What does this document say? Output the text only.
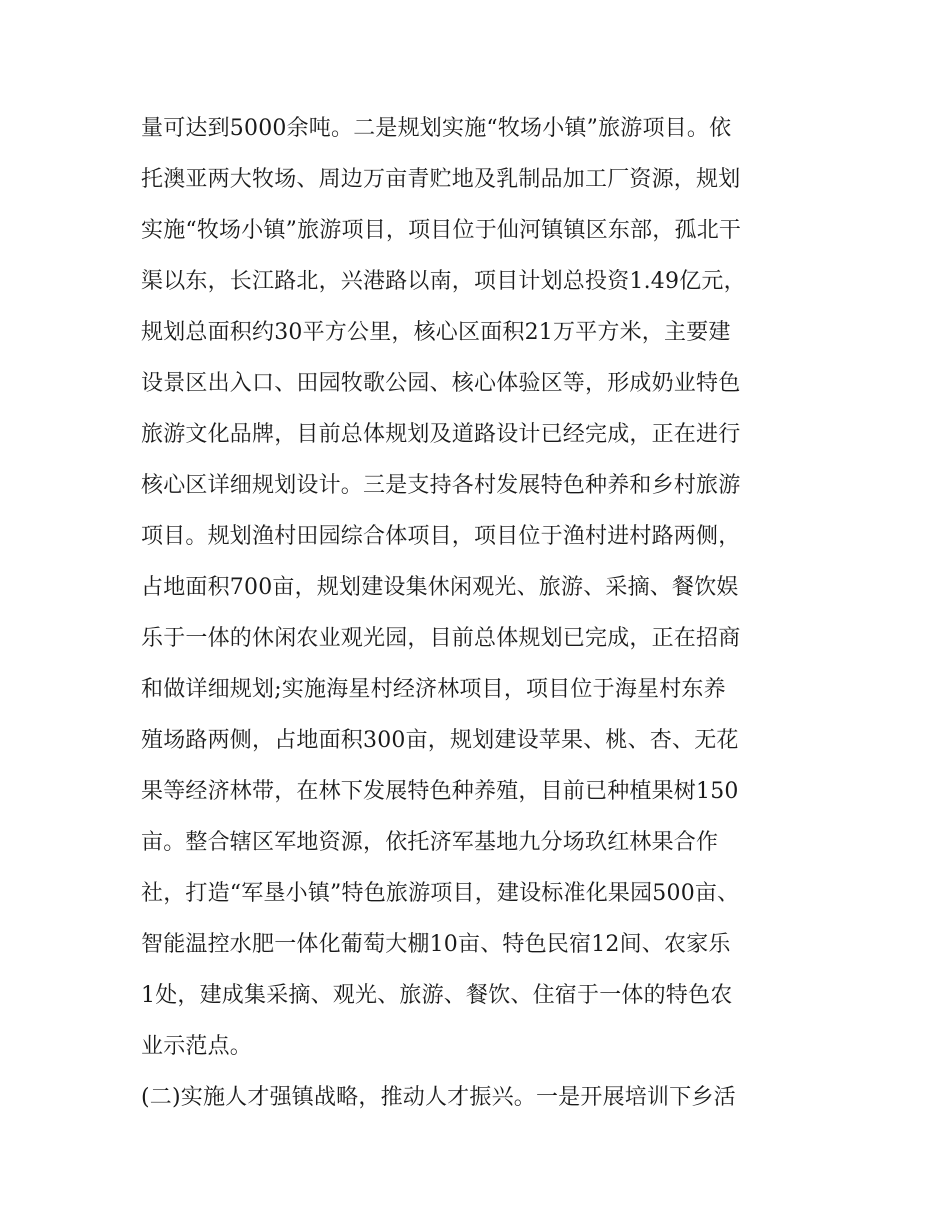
量可达到5000余吨。二是规划实施“牧场小镇”旅游项目。依
托澳亚两大牧场、周边万亩青贮地及乳制品加工厂资源，规划
实施“牧场小镇”旅游项目，项目位于仙河镇镇区东部，孤北干
渠以东，长江路北，兴港路以南，项目计划总投资1.49亿元，
规划总面积约30平方公里，核心区面积21万平方米，主要建
设景区出入口、田园牧歌公园、核心体验区等，形成奶业特色
旅游文化品牌，目前总体规划及道路设计已经完成，正在进行
核心区详细规划设计。三是支持各村发展特色种养和乡村旅游
项目。规划渔村田园综合体项目，项目位于渔村进村路两侧，
占地面积700亩，规划建设集休闲观光、旅游、采摘、餐饮娱
乐于一体的休闲农业观光园，目前总体规划已完成，正在招商
和做详细规划;实施海星村经济林项目，项目位于海星村东养
殖场路两侧，占地面积300亩，规划建设苹果、桃、杏、无花
果等经济林带，在林下发展特色种养殖，目前已种植果树150
亩。整合辖区军地资源，依托济军基地九分场玖红林果合作
社，打造“军垦小镇”特色旅游项目，建设标准化果园500亩、
智能温控水肥一体化葡萄大棚10亩、特色民宿12间、农家乐
1处，建成集采摘、观光、旅游、餐饮、住宿于一体的特色农
业示范点。
(二)实施人才强镇战略，推动人才振兴。一是开展培训下乡活
